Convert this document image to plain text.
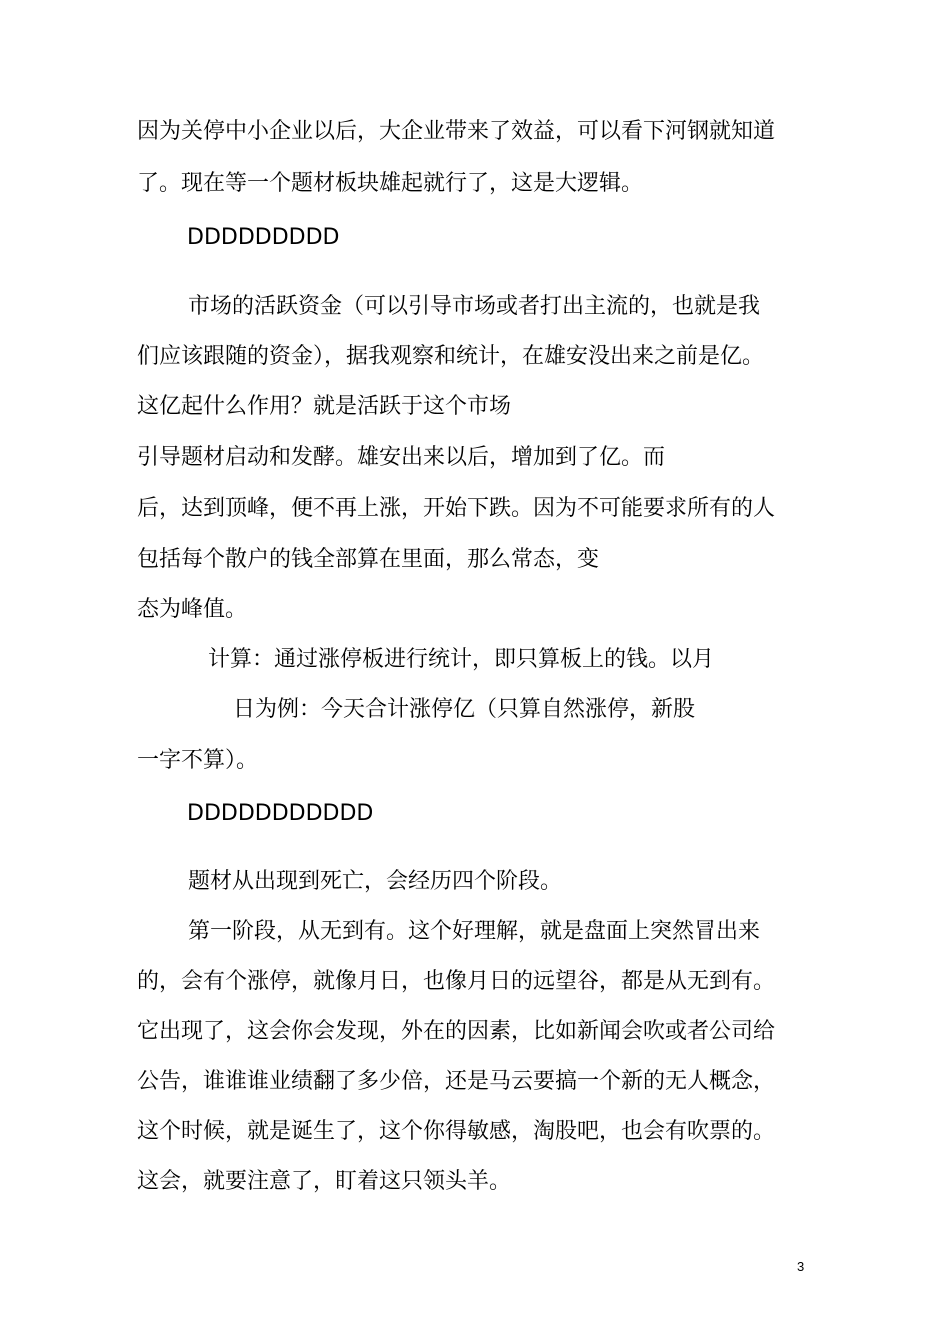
因为关停中小企业以后，大企业带来了效益，可以看下河钢就知道
了。现在等一个题材板块雄起就行了，这是大逻辑。
DDDDDDDDD
市场的活跃资金（可以引导市场或者打出主流的，也就是我
们应该跟随的资金），据我观察和统计，在雄安没出来之前是亿。
这亿起什么作用？就是活跃于这个市场
引导题材启动和发酵。雄安出来以后，增加到了亿。而
后，达到顶峰，便不再上涨，开始下跌。因为不可能要求所有的人
包括每个散户的钱全部算在里面，那么常态，变
态为峰值。
计算：通过涨停板进行统计，即只算板上的钱。以月
日为例：今天合计涨停亿（只算自然涨停，新股
一字不算）。
DDDDDDDDDDD
题材从出现到死亡，会经历四个阶段。
第一阶段，从无到有。这个好理解，就是盘面上突然冒出来
的，会有个涨停，就像月日，也像月日的远望谷，都是从无到有。
它出现了，这会你会发现，外在的因素，比如新闻会吹或者公司给
公告，谁谁谁业绩翻了多少倍，还是马云要搞一个新的无人概念，
这个时候，就是诞生了，这个你得敏感，淘股吧，也会有吹票的。
这会，就要注意了，盯着这只领头羊。
3
